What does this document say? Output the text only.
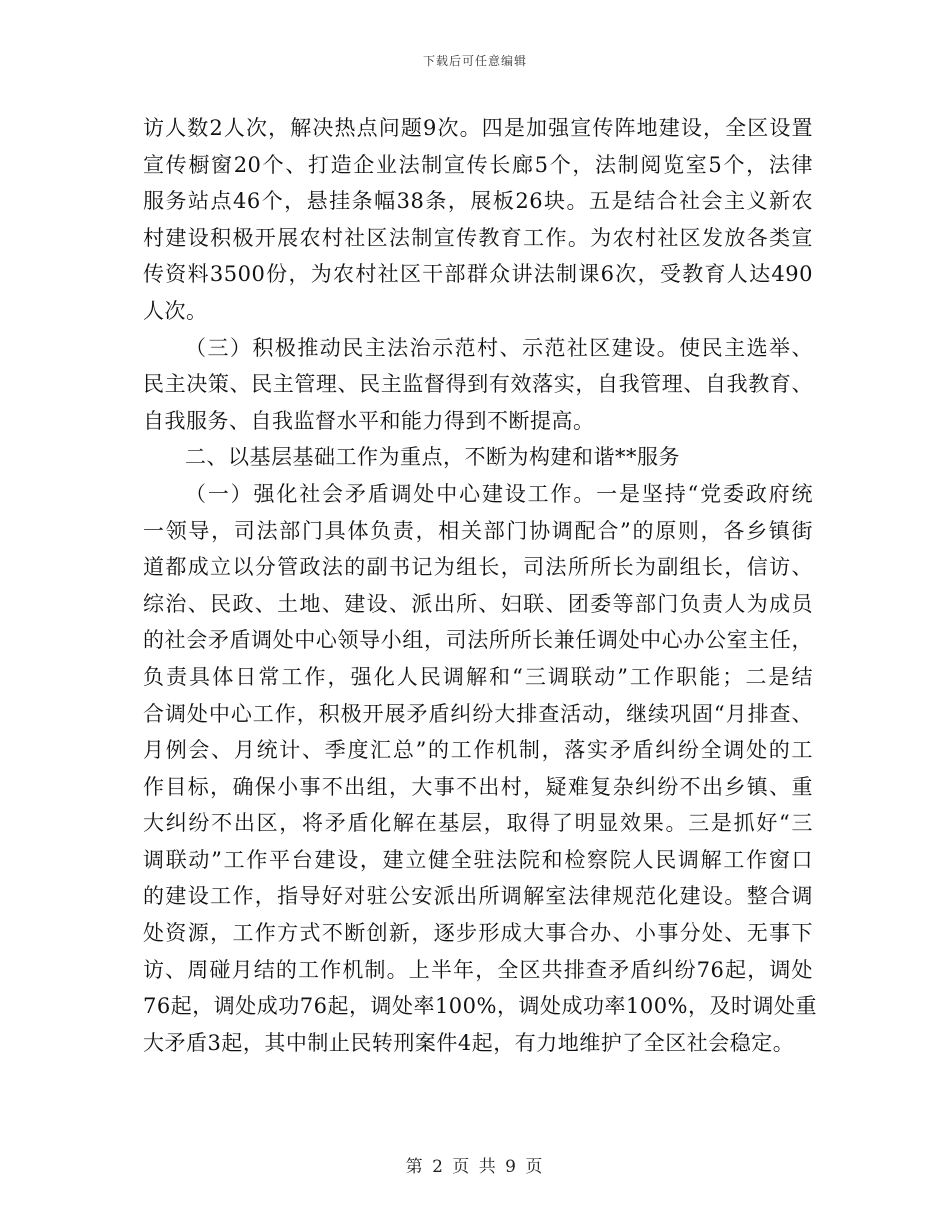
下载后可任意编辑
访人数2人次，解决热点问题9次。四是加强宣传阵地建设，全区设置
宣传橱窗20个、打造企业法制宣传长廊5个，法制阅览室5个，法律
服务站点46个，悬挂条幅38条，展板26块。五是结合社会主义新农
村建设积极开展农村社区法制宣传教育工作。为农村社区发放各类宣
传资料3500份，为农村社区干部群众讲法制课6次，受教育人达490
人次。
（三）积极推动民主法治示范村、示范社区建设。使民主选举、
民主决策、民主管理、民主监督得到有效落实，自我管理、自我教育、
自我服务、自我监督水平和能力得到不断提高。
二、以基层基础工作为重点，不断为构建和谐**服务
（一）强化社会矛盾调处中心建设工作。一是坚持“党委政府统
一领导，司法部门具体负责，相关部门协调配合”的原则，各乡镇街
道都成立以分管政法的副书记为组长，司法所所长为副组长，信访、
综治、民政、土地、建设、派出所、妇联、团委等部门负责人为成员
的社会矛盾调处中心领导小组，司法所所长兼任调处中心办公室主任，
负责具体日常工作，强化人民调解和“三调联动”工作职能；二是结
合调处中心工作，积极开展矛盾纠纷大排查活动，继续巩固“月排查、
月例会、月统计、季度汇总”的工作机制，落实矛盾纠纷全调处的工
作目标，确保小事不出组，大事不出村，疑难复杂纠纷不出乡镇、重
大纠纷不出区，将矛盾化解在基层，取得了明显效果。三是抓好“三
调联动”工作平台建设，建立健全驻法院和检察院人民调解工作窗口
的建设工作，指导好对驻公安派出所调解室法律规范化建设。整合调
处资源，工作方式不断创新，逐步形成大事合办、小事分处、无事下
访、周碰月结的工作机制。上半年，全区共排查矛盾纠纷76起，调处
76起，调处成功76起，调处率100%，调处成功率100%，及时调处重
大矛盾3起，其中制止民转刑案件4起，有力地维护了全区社会稳定。
第 2 页 共 9 页
